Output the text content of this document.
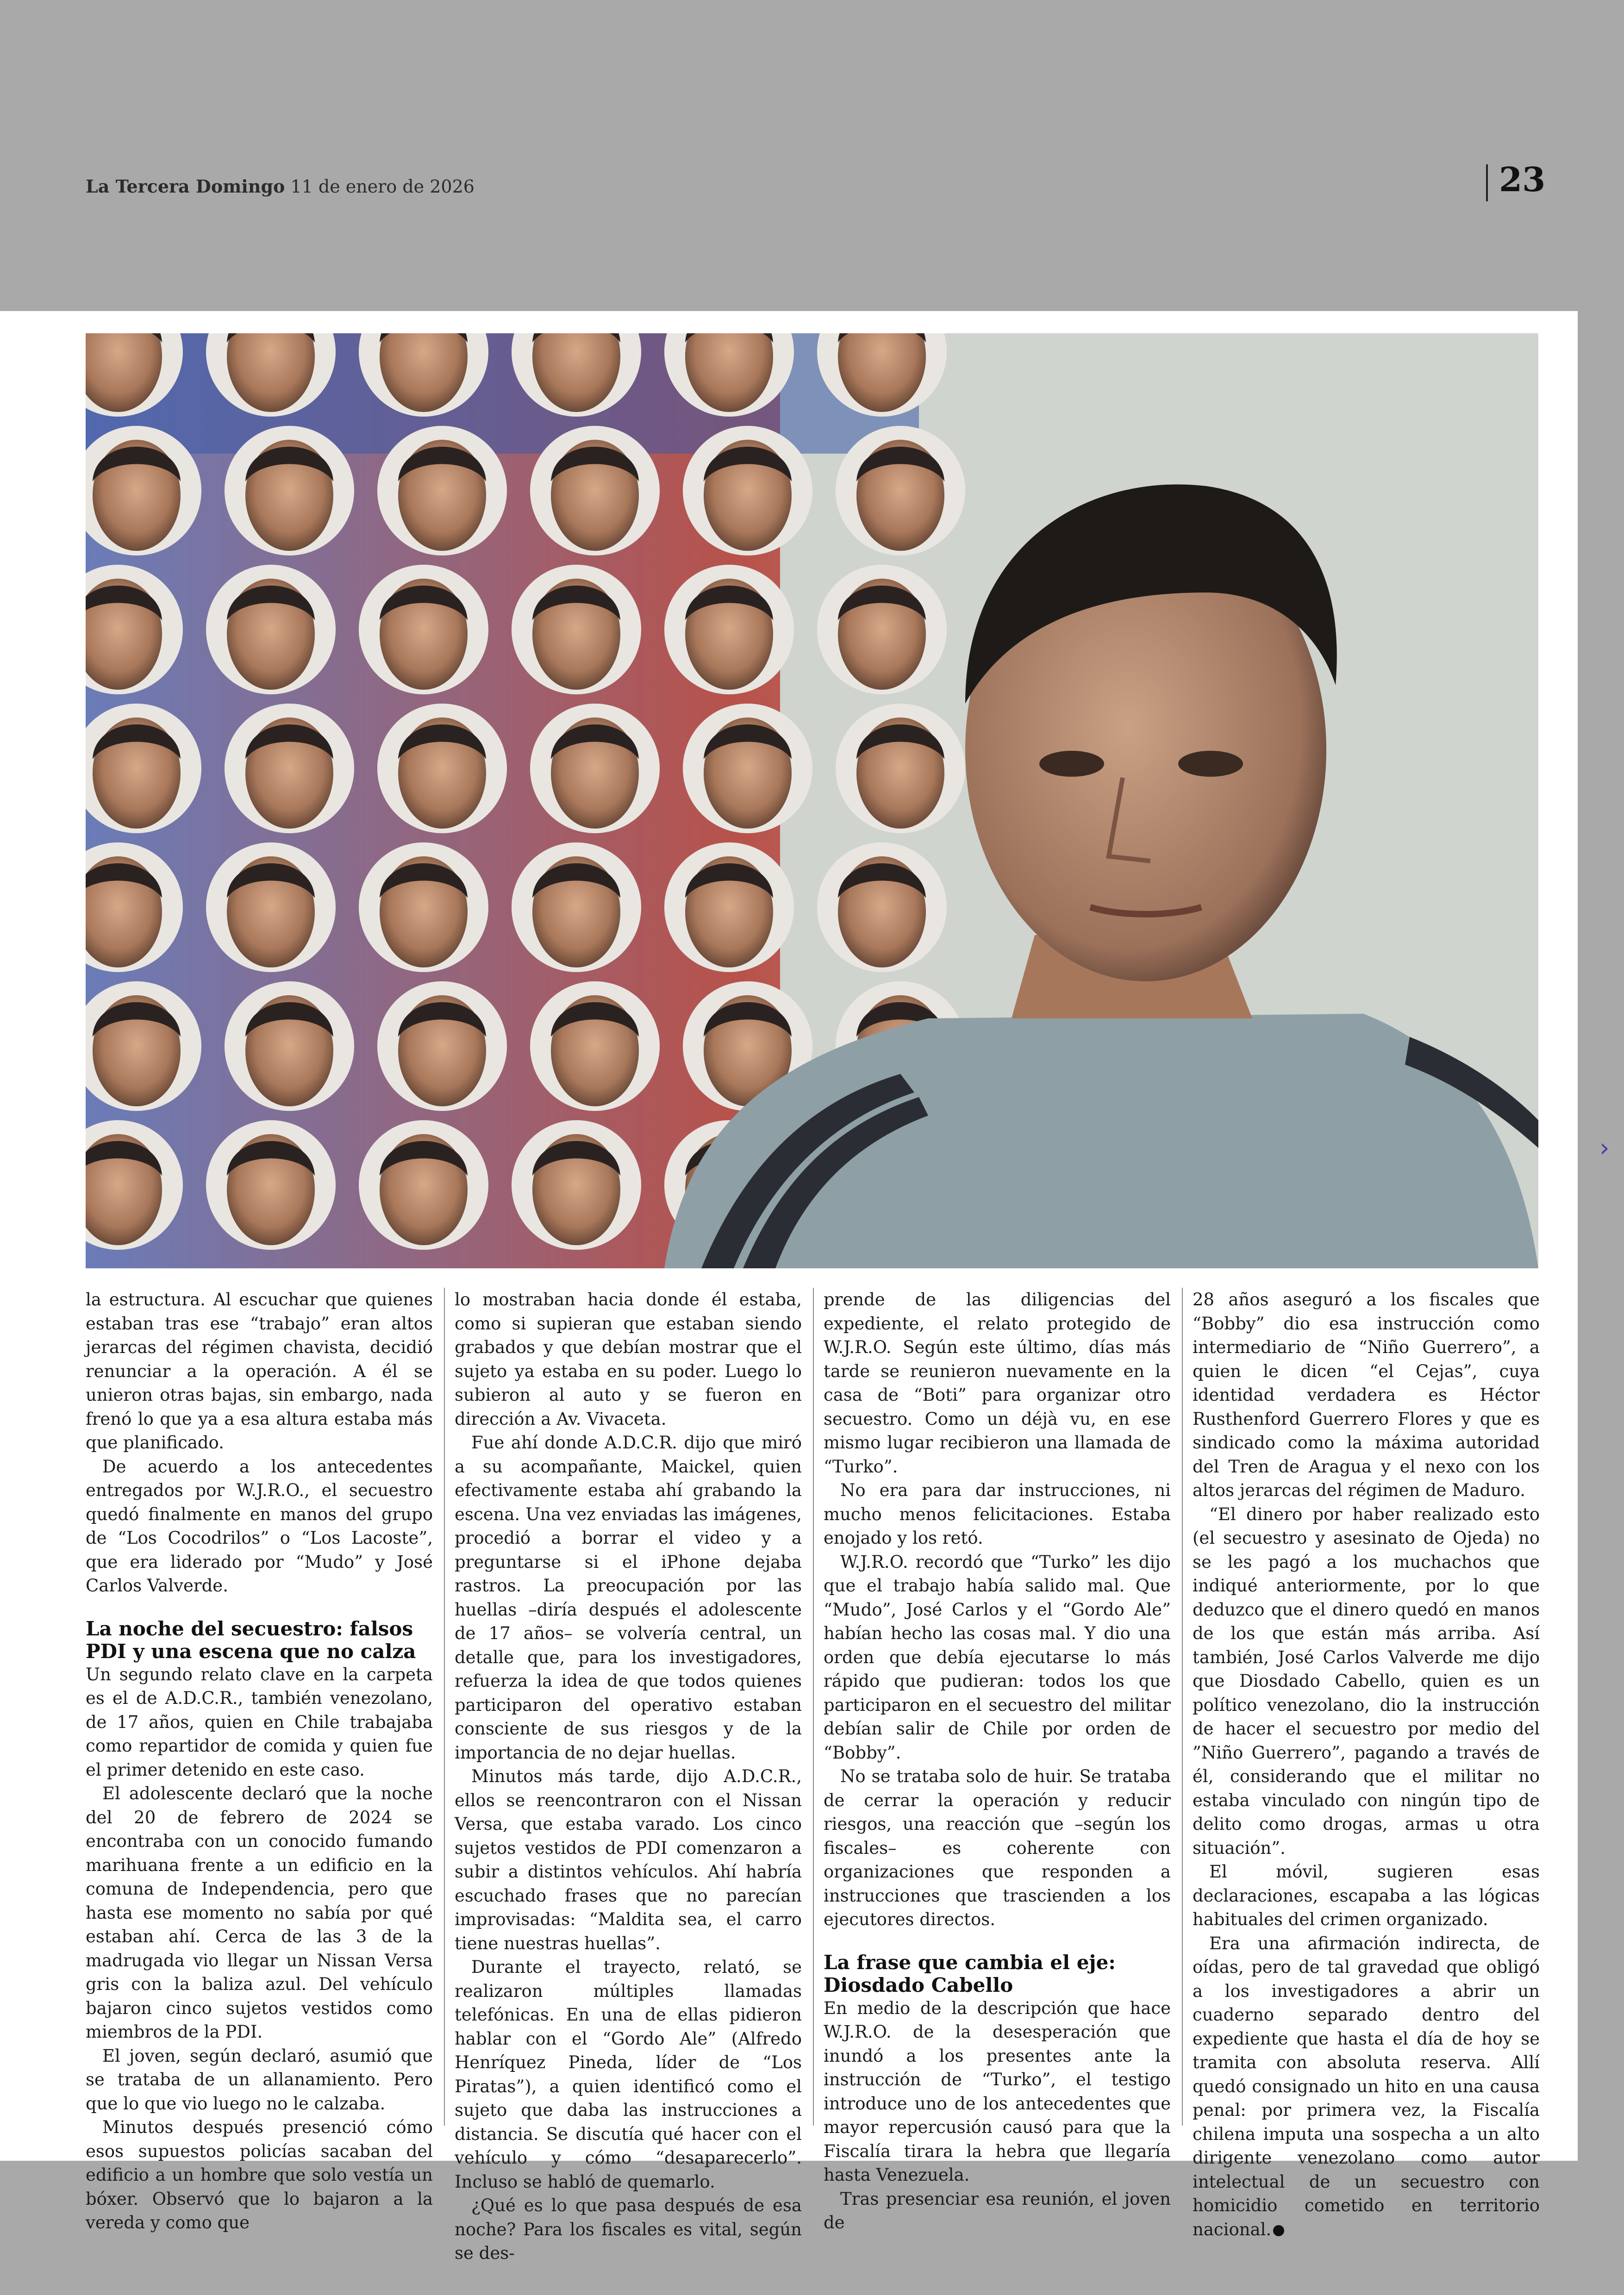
La Tercera Domingo 11 de enero de 2026	23
›

la estructura. Al escuchar que quienes estaban tras ese “trabajo” eran altos jerarcas del régimen chavista, decidió renunciar a la operación. A él se unieron otras bajas, sin embargo, nada frenó lo que ya a esa altura estaba más que planificado.

De acuerdo a los antecedentes entregados por W.J.R.O., el secuestro quedó finalmente en manos del grupo de “Los Cocodrilos” o “Los Lacoste”, que era liderado por “Mudo” y José Carlos Valverde.

La noche del secuestro: falsos PDI y una escena que no calza

Un segundo relato clave en la carpeta es el de A.D.C.R., también venezolano, de 17 años, quien en Chile trabajaba como repartidor de comida y quien fue el primer detenido en este caso.

El adolescente declaró que la noche del 20 de febrero de 2024 se encontraba con un conocido fumando marihuana frente a un edificio en la comuna de Independencia, pero que hasta ese momento no sabía por qué estaban ahí. Cerca de las 3 de la madrugada vio llegar un Nissan Versa gris con la baliza azul. Del vehículo bajaron cinco sujetos vestidos como miembros de la PDI.

El joven, según declaró, asumió que se trataba de un allanamiento. Pero que lo que vio luego no le calzaba.

Minutos después presenció cómo esos supuestos policías sacaban del edificio a un hombre que solo vestía un bóxer. Observó que lo bajaron a la vereda y como que

lo mostraban hacia donde él estaba, como si supieran que estaban siendo grabados y que debían mostrar que el sujeto ya estaba en su poder. Luego lo subieron al auto y se fueron en dirección a Av. Vivaceta.

Fue ahí donde A.D.C.R. dijo que miró a su acompañante, Maickel, quien efectivamente estaba ahí grabando la escena. Una vez enviadas las imágenes, procedió a borrar el video y a preguntarse si el iPhone dejaba rastros. La preocupación por las huellas –diría después el adolescente de 17 años– se volvería central, un detalle que, para los investigadores, refuerza la idea de que todos quienes participaron del operativo estaban consciente de sus riesgos y de la importancia de no dejar huellas.

Minutos más tarde, dijo A.D.C.R., ellos se reencontraron con el Nissan Versa, que estaba varado. Los cinco sujetos vestidos de PDI comenzaron a subir a distintos vehículos. Ahí habría escuchado frases que no parecían improvisadas: “Maldita sea, el carro tiene nuestras huellas”.

Durante el trayecto, relató, se realizaron múltiples llamadas telefónicas. En una de ellas pidieron hablar con el “Gordo Ale” (Alfredo Henríquez Pineda, líder de “Los Piratas”), a quien identificó como el sujeto que daba las instrucciones a distancia. Se discutía qué hacer con el vehículo y cómo “desaparecerlo”. Incluso se habló de quemarlo.

¿Qué es lo que pasa después de esa noche? Para los fiscales es vital, según se des-

prende de las diligencias del expediente, el relato protegido de W.J.R.O. Según este último, días más tarde se reunieron nuevamente en la casa de “Boti” para organizar otro secuestro. Como un déjà vu, en ese mismo lugar recibieron una llamada de “Turko”.

No era para dar instrucciones, ni mucho menos felicitaciones. Estaba enojado y los retó.

W.J.R.O. recordó que “Turko” les dijo que el trabajo había salido mal. Que “Mudo”, José Carlos y el “Gordo Ale” habían hecho las cosas mal. Y dio una orden que debía ejecutarse lo más rápido que pudieran: todos los que participaron en el secuestro del militar debían salir de Chile por orden de “Bobby”.

No se trataba solo de huir. Se trataba de cerrar la operación y reducir riesgos, una reacción que –según los fiscales– es coherente con organizaciones que responden a instrucciones que trascienden a los ejecutores directos.

La frase que cambia el eje: Diosdado Cabello

En medio de la descripción que hace W.J.R.O. de la desesperación que inundó a los presentes ante la instrucción de “Turko”, el testigo introduce uno de los antecedentes que mayor repercusión causó para que la Fiscalía tirara la hebra que llegaría hasta Venezuela.

Tras presenciar esa reunión, el joven de

28 años aseguró a los fiscales que “Bobby” dio esa instrucción como intermediario de “Niño Guerrero”, a quien le dicen “el Cejas”, cuya identidad verdadera es Héctor Rusthenford Guerrero Flores y que es sindicado como la máxima autoridad del Tren de Aragua y el nexo con los altos jerarcas del régimen de Maduro.

“El dinero por haber realizado esto (el secuestro y asesinato de Ojeda) no se les pagó a los muchachos que indiqué anteriormente, por lo que deduzco que el dinero quedó en manos de los que están más arriba. Así también, José Carlos Valverde me dijo que Diosdado Cabello, quien es un político venezolano, dio la instrucción de hacer el secuestro por medio del ”Niño Guerrero”, pagando a través de él, considerando que el militar no estaba vinculado con ningún tipo de delito como drogas, armas u otra situación”.

El móvil, sugieren esas declaraciones, escapaba a las lógicas habituales del crimen organizado.

Era una afirmación indirecta, de oídas, pero de tal gravedad que obligó a los investigadores a abrir un cuaderno separado dentro del expediente que hasta el día de hoy se tramita con absoluta reserva. Allí quedó consignado un hito en una causa penal: por primera vez, la Fiscalía chilena imputa una sospecha a un alto dirigente venezolano como autor intelectual de un secuestro con homicidio cometido en territorio nacional.
